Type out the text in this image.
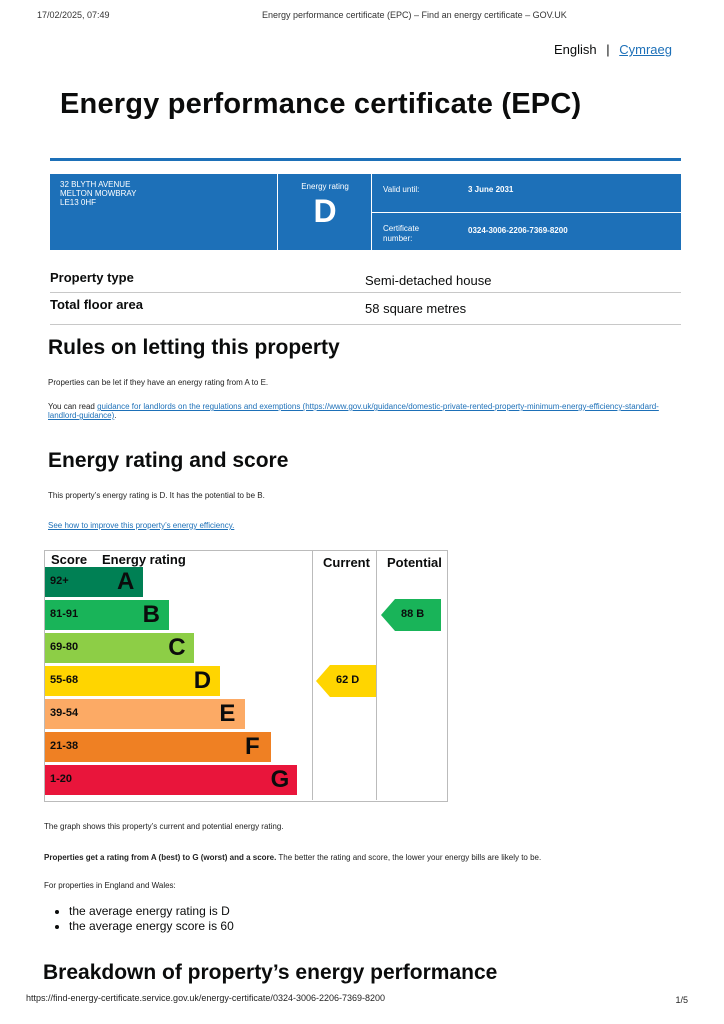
17/02/2025, 07:49	Energy performance certificate (EPC) – Find an energy certificate – GOV.UK
English | Cymraeg
Energy performance certificate (EPC)
32 BLYTH AVENUE
MELTON MOWBRAY
LE13 0HF
Energy rating
D
Valid until:	3 June 2031
Certificate
number:
0324-3006-2206-7369-8200
Property type	Semi-detached house
Total floor area	58 square metres
Rules on letting this property
Properties can be let if they have an energy rating from A to E.
You can read guidance for landlords on the regulations and exemptions (https://www.gov.uk/guidance/domestic-private-rented-property-minimum-energy-efficiency-standard-
landlord-guidance).
Energy rating and score
This property’s energy rating is D. It has the potential to be B.
See how to improve this property’s energy efficiency.
Score Energy rating	Current Potential
92+ A
81-91	B
69-80	C
55-68	D
39-54	E
21-38	F
1-20	G
62 D
88 B
The graph shows this property’s current and potential energy rating.
Properties get a rating from A (best) to G (worst) and a score. The better the rating and score, the lower your energy bills are likely to be.
For properties in England and Wales:
• the average energy rating is D
• the average energy score is 60
Breakdown of property’s energy performance
https://find-energy-certificate.service.gov.uk/energy-certificate/0324-3006-2206-7369-8200	1/5
